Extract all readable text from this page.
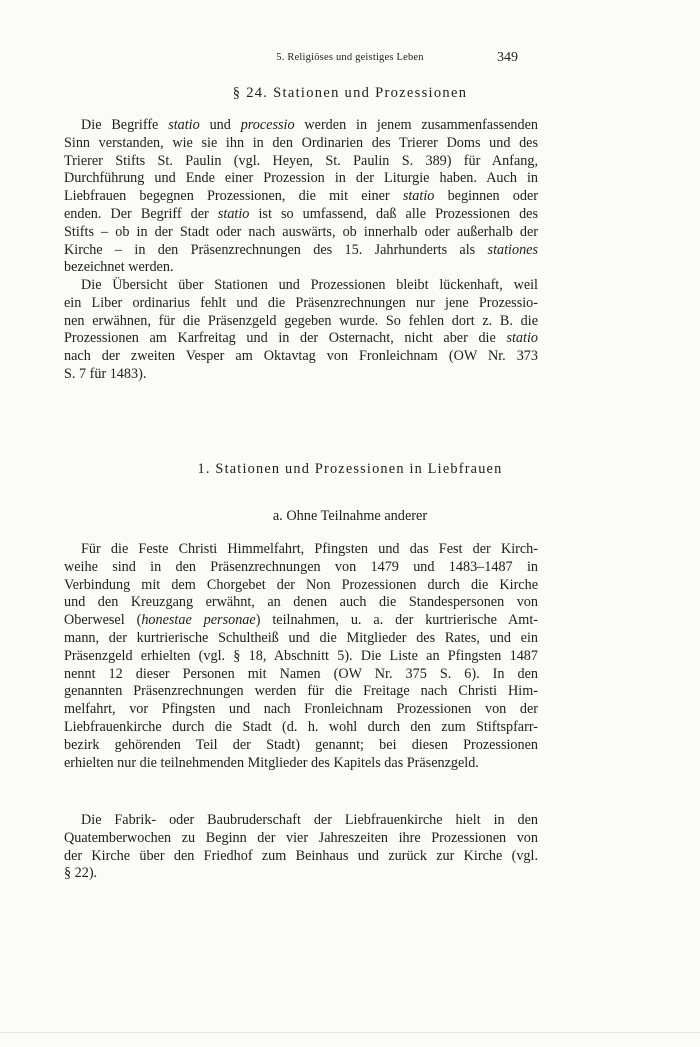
5. Religiöses und geistiges Leben	349
§ 24. Stationen und Prozessionen

Die Begriffe statio und processio werden in jenem zusammenfassenden
Sinn verstanden, wie sie ihn in den Ordinarien des Trierer Doms und des
Trierer Stifts St. Paulin (vgl. Heyen, St. Paulin S. 389) für Anfang,
Durchführung und Ende einer Prozession in der Liturgie haben. Auch in
Liebfrauen begegnen Prozessionen, die mit einer statio beginnen oder
enden. Der Begriff der statio ist so umfassend, daß alle Prozessionen des
Stifts – ob in der Stadt oder nach auswärts, ob innerhalb oder außerhalb der
Kirche – in den Präsenzrechnungen des 15. Jahrhunderts als stationes
bezeichnet werden.

Die Übersicht über Stationen und Prozessionen bleibt lückenhaft, weil
ein Liber ordinarius fehlt und die Präsenzrechnungen nur jene Prozessio-
nen erwähnen, für die Präsenzgeld gegeben wurde. So fehlen dort z. B. die
Prozessionen am Karfreitag und in der Osternacht, nicht aber die statio
nach der zweiten Vesper am Oktavtag von Fronleichnam (OW Nr. 373
S. 7 für 1483).

1. Stationen und Prozessionen in Liebfrauen
a. Ohne Teilnahme anderer

Für die Feste Christi Himmelfahrt, Pfingsten und das Fest der Kirch-
weihe sind in den Präsenzrechnungen von 1479 und 1483–1487 in
Verbindung mit dem Chorgebet der Non Prozessionen durch die Kirche
und den Kreuzgang erwähnt, an denen auch die Standespersonen von
Oberwesel (honestae personae) teilnahmen, u. a. der kurtrierische Amt-
mann, der kurtrierische Schultheiß und die Mitglieder des Rates, und ein
Präsenzgeld erhielten (vgl. § 18, Abschnitt 5). Die Liste an Pfingsten 1487
nennt 12 dieser Personen mit Namen (OW Nr. 375 S. 6). In den
genannten Präsenzrechnungen werden für die Freitage nach Christi Him-
melfahrt, vor Pfingsten und nach Fronleichnam Prozessionen von der
Liebfrauenkirche durch die Stadt (d. h. wohl durch den zum Stiftspfarr-
bezirk gehörenden Teil der Stadt) genannt; bei diesen Prozessionen
erhielten nur die teilnehmenden Mitglieder des Kapitels das Präsenzgeld.

Die Fabrik- oder Baubruderschaft der Liebfrauenkirche hielt in den
Quatemberwochen zu Beginn der vier Jahreszeiten ihre Prozessionen von
der Kirche über den Friedhof zum Beinhaus und zurück zur Kirche (vgl.
§ 22).
